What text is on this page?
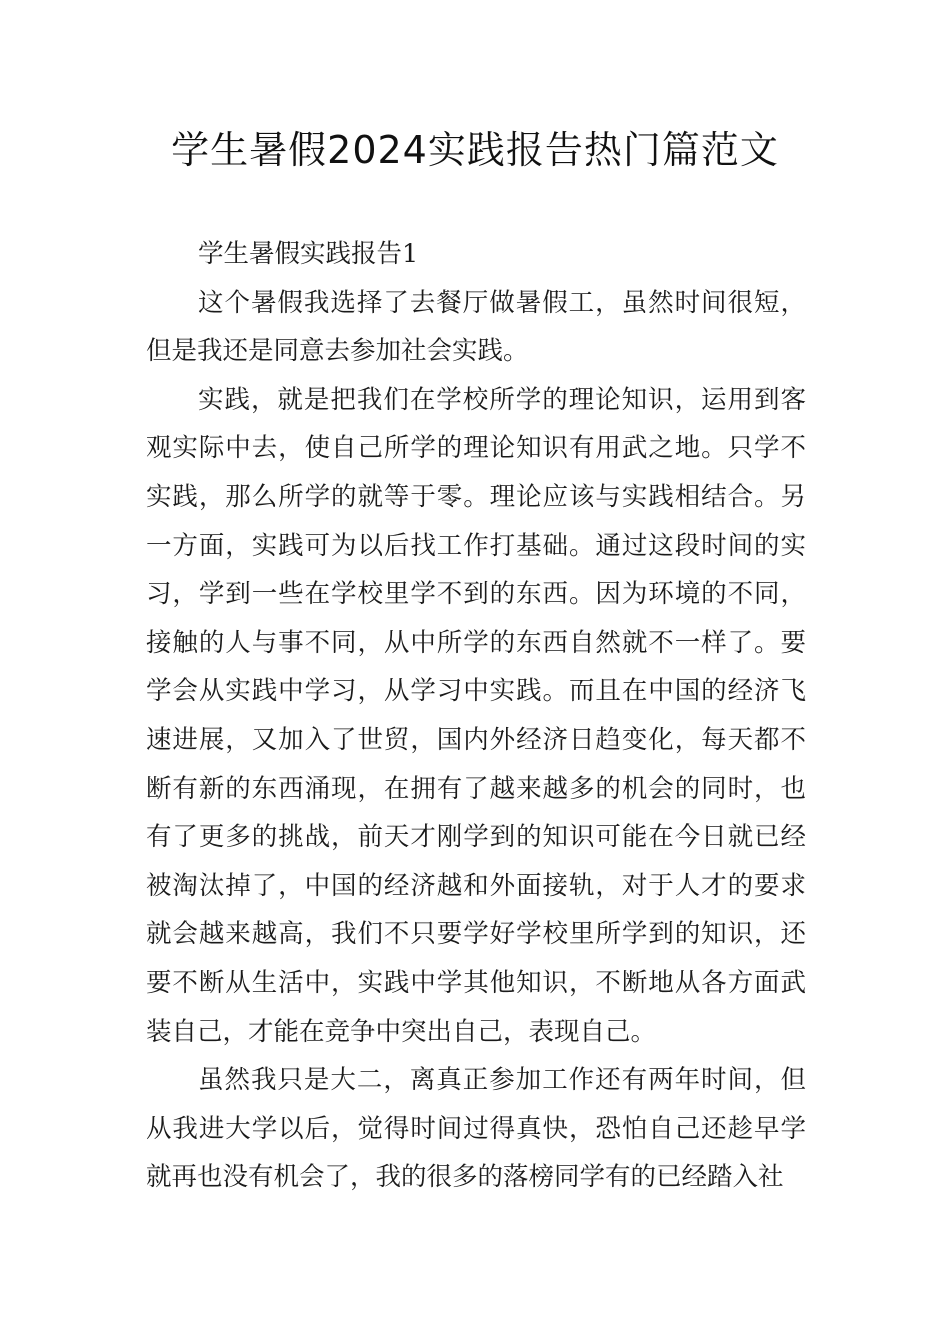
学生暑假2024实践报告热门篇范文
学生暑假实践报告1

这个暑假我选择了去餐厅做暑假工，虽然时间很短，但是我还是同意去参加社会实践。

实践，就是把我们在学校所学的理论知识，运用到客观实际中去，使自己所学的理论知识有用武之地。只学不实践，那么所学的就等于零。理论应该与实践相结合。另一方面，实践可为以后找工作打基础。通过这段时间的实习，学到一些在学校里学不到的东西。因为环境的不同，接触的人与事不同，从中所学的东西自然就不一样了。要学会从实践中学习，从学习中实践。而且在中国的经济飞速进展，又加入了世贸，国内外经济日趋变化，每天都不断有新的东西涌现，在拥有了越来越多的机会的同时，也有了更多的挑战，前天才刚学到的知识可能在今日就已经被淘汰掉了，中国的经济越和外面接轨，对于人才的要求就会越来越高，我们不只要学好学校里所学到的知识，还要不断从生活中，实践中学其他知识，不断地从各方面武装自己，才能在竞争中突出自己，表现自己。

虽然我只是大二，离真正参加工作还有两年时间，但从我进大学以后，觉得时间过得真快，恐怕自己还趁早学就再也没有机会了，我的很多的落榜同学有的已经踏入社
